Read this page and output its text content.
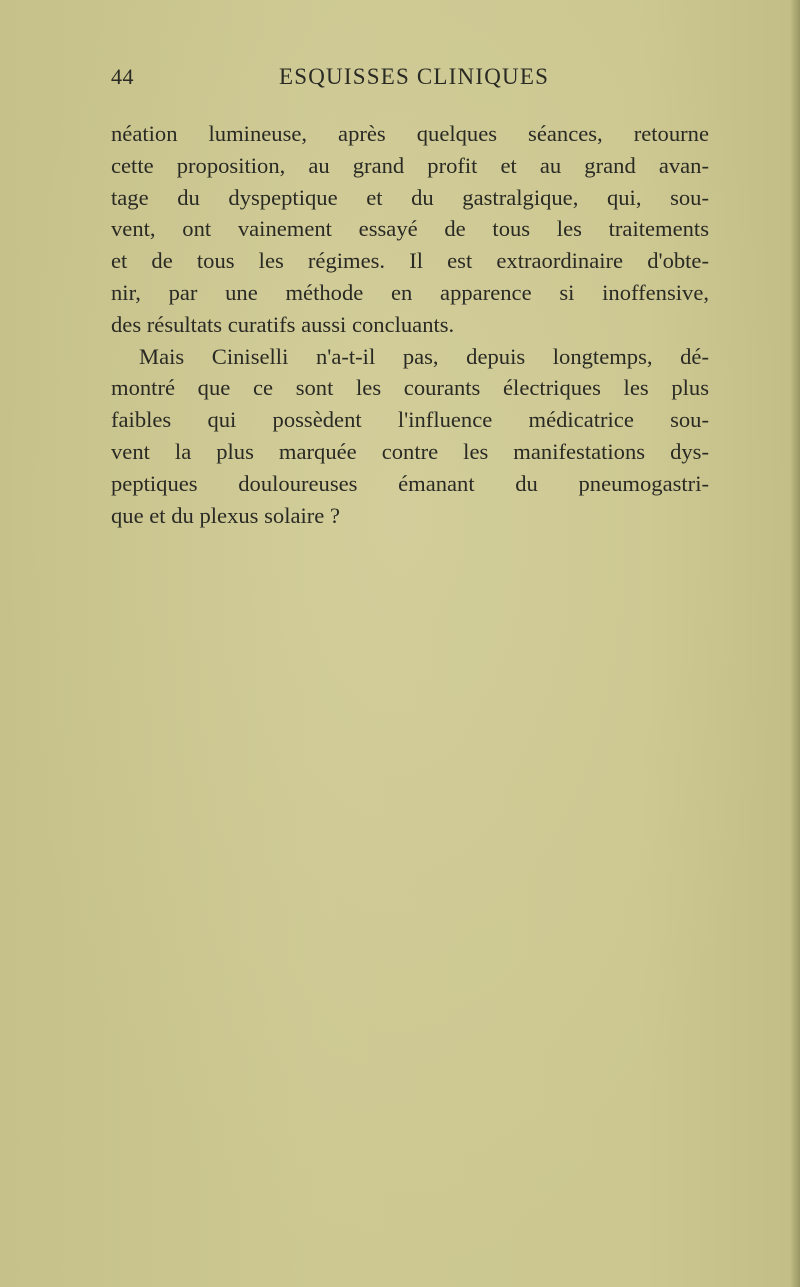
44	ESQUISSES CLINIQUES
néation lumineuse, après quelques séances, retourne
cette proposition, au grand profit et au grand avan-
tage du dyspeptique et du gastralgique, qui, sou-
vent, ont vainement essayé de tous les traitements
et de tous les régimes. Il est extraordinaire d'obte-
nir, par une méthode en apparence si inoffensive,
des résultats curatifs aussi concluants.
Mais Ciniselli n'a-t-il pas, depuis longtemps, dé-
montré que ce sont les courants électriques les plus
faibles qui possèdent l'influence médicatrice sou-
vent la plus marquée contre les manifestations dys-
peptiques douloureuses émanant du pneumogastri-
que et du plexus solaire ?
